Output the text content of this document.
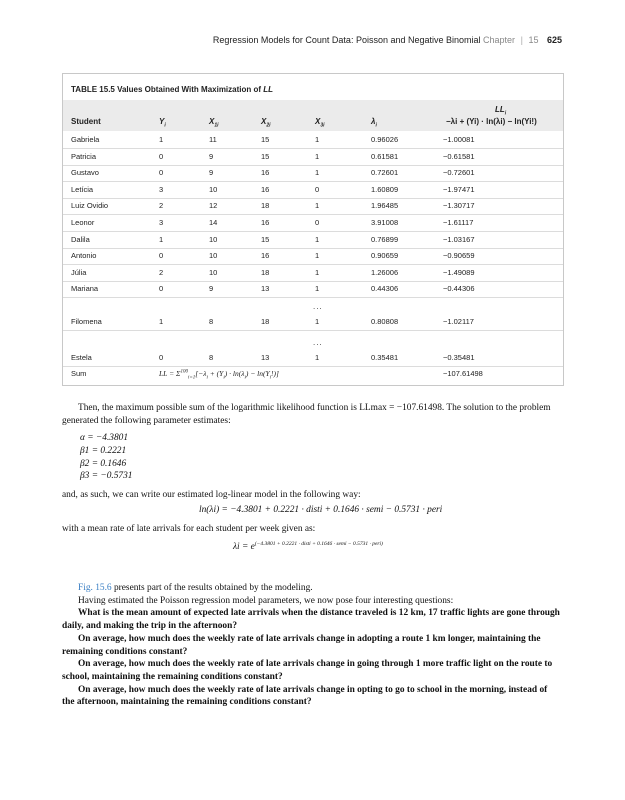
Regression Models for Count Data: Poisson and Negative Binomial Chapter | 15 625
TABLE 15.5 Values Obtained With Maximization of LL
Student	$Y_i$	$X_{1i}$	$X_{2i}$	$X_{3i}$	$\lambda_i$
$LL_i$
−λi + (Yi) · ln(λi) − ln(Yi!)
Gabriela	1	11	15	1	0.96026	−1.00081
Patricia	0	9	15	1	0.61581	−0.61581
Gustavo	0	9	16	1	0.72601	−0.72601
Letícia	3	10	16	0	1.60809	−1.97471
Luiz Ovidio	2	12	18	1	1.96485	−1.30717
Leonor	3	14	16	0	3.91008	−1.61117
Dalila	1	10	15	1	0.76899	−1.03167
Antonio	0	10	16	1	0.90659	−0.90659
Júlia	2	10	18	1	1.26006	−1.49089
Mariana	0	9	13	1	0.44306	−0.44306
...
Filomena	1	8	18	1	0.80808	−1.02117
...
Estela	0	8	13	1	0.35481	−0.35481
Sum	LL = $\Sigma^{100}_{i=1}[-\lambda_i + (Y_i) \cdot \ln(\lambda_i) - \ln(Y_i!)]$	−107.61498

Then, the maximum possible sum of the logarithmic likelihood function is LLmax = −107.61498. The solution to the problem generated the following parameter estimates:

α = −4.3801
β1 = 0.2221
β2 = 0.1646
β3 = −0.5731

and, as such, we can write our estimated log-linear model in the following way:

ln(λi) = −4.3801 + 0.2221 · disti + 0.1646 · semi − 0.5731 · peri

with a mean rate of late arrivals for each student per week given as:

$\lambda i = e^{(-4.3801 + 0.2221 \cdot disti + 0.1646 \cdot semi - 0.5731 \cdot peri)}$

Fig. 15.6 presents part of the results obtained by the modeling.

Having estimated the Poisson regression model parameters, we now pose four interesting questions:

What is the mean amount of expected late arrivals when the distance traveled is 12 km, 17 traffic lights are gone through daily, and making the trip in the afternoon?

On average, how much does the weekly rate of late arrivals change in adopting a route 1 km longer, maintaining the remaining conditions constant?

On average, how much does the weekly rate of late arrivals change in going through 1 more traffic light on the route to school, maintaining the remaining conditions constant?

On average, how much does the weekly rate of late arrivals change in opting to go to school in the morning, instead of the afternoon, maintaining the remaining conditions constant?
